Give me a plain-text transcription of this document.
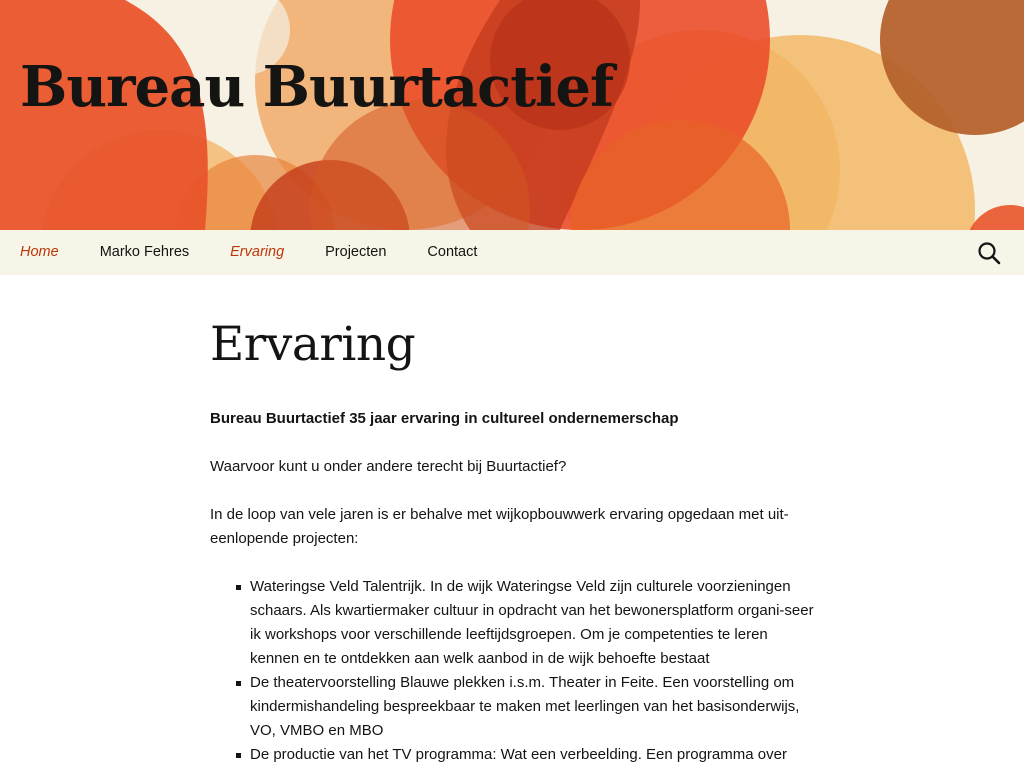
Bureau Buurtactief
Home	Marko Fehres	Ervaring	Projecten	Contact
Ervaring

Bureau Buurtactief 35 jaar ervaring in cultureel ondernemerschap

Waarvoor kunt u onder andere terecht bij Buurtactief?

In de loop van vele jaren is er behalve met wijkopbouwwerk ervaring opgedaan met uit-eenlopende projecten:

Wateringse Veld Talentrijk. In de wijk Wateringse Veld zijn culturele voorzieningen schaars. Als kwartiermaker cultuur in opdracht van het bewonersplatform organi-seer ik workshops voor verschillende leeftijdsgroepen. Om je competenties te leren kennen en te ontdekken aan welk aanbod in de wijk behoefte bestaat
De theatervoorstelling Blauwe plekken i.s.m. Theater in Feite. Een voorstelling om kindermishandeling bespreekbaar te maken met leerlingen van het basisonderwijs, VO, VMBO en MBO
De productie van het TV programma: Wat een verbeelding. Een programma over
